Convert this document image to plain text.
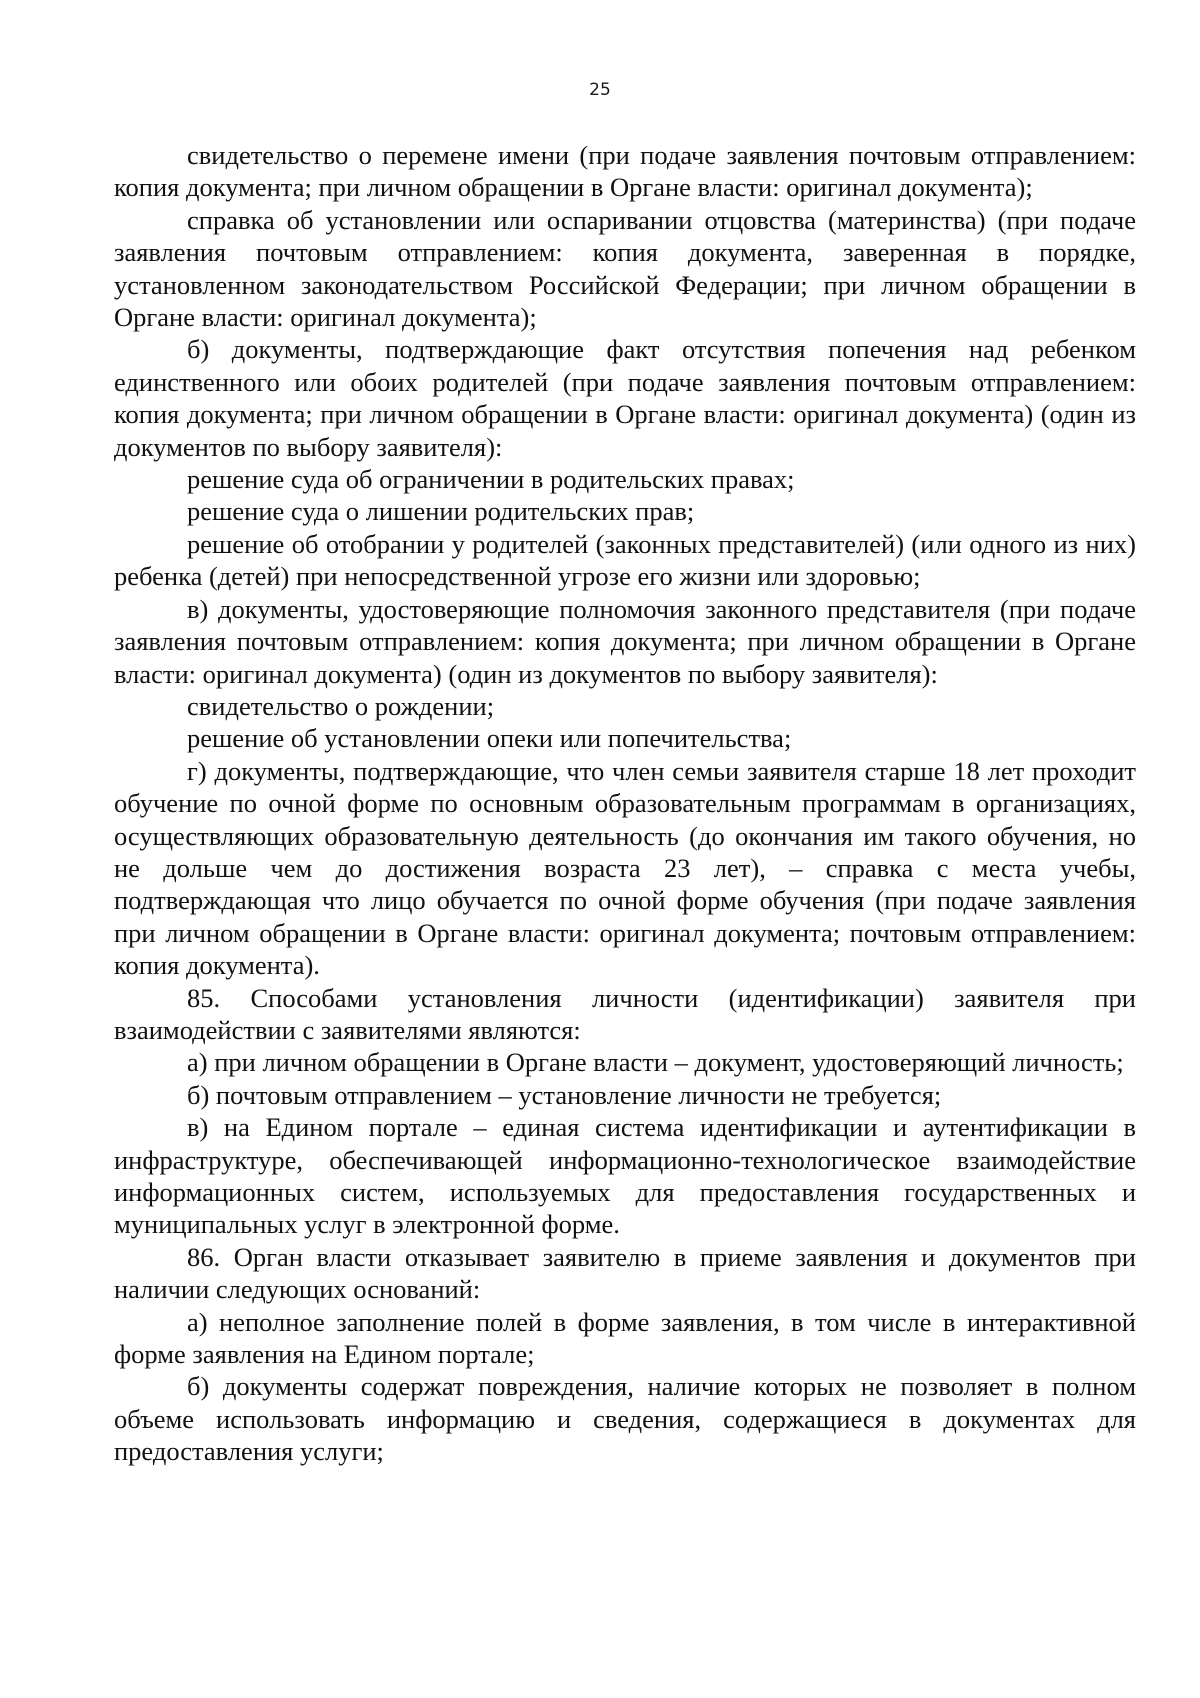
25

свидетельство о перемене имени (при подаче заявления почтовым отправлением: копия документа; при личном обращении в Органе власти: оригинал документа);

справка об установлении или оспаривании отцовства (материнства) (при подаче заявления почтовым отправлением: копия документа, заверенная в порядке, установленном законодательством Российской Федерации; при личном обращении в Органе власти: оригинал документа);

б) документы, подтверждающие факт отсутствия попечения над ребенком единственного или обоих родителей (при подаче заявления почтовым отправлением: копия документа; при личном обращении в Органе власти: оригинал документа) (один из документов по выбору заявителя):

решение суда об ограничении в родительских правах;

решение суда о лишении родительских прав;

решение об отобрании у родителей (законных представителей) (или одного из них) ребенка (детей) при непосредственной угрозе его жизни или здоровью;

в) документы, удостоверяющие полномочия законного представителя (при подаче заявления почтовым отправлением: копия документа; при личном обращении в Органе власти: оригинал документа) (один из документов по выбору заявителя):

свидетельство о рождении;

решение об установлении опеки или попечительства;

г) документы, подтверждающие, что член семьи заявителя старше 18 лет проходит обучение по очной форме по основным образовательным программам в организациях, осуществляющих образовательную деятельность (до окончания им такого обучения, но не дольше чем до достижения возраста 23 лет), – справка с места учебы, подтверждающая что лицо обучается по очной форме обучения (при подаче заявления при личном обращении в Органе власти: оригинал документа; почтовым отправлением: копия документа).

85. Способами установления личности (идентификации) заявителя при взаимодействии с заявителями являются:

а) при личном обращении в Органе власти – документ, удостоверяющий личность;

б) почтовым отправлением – установление личности не требуется;

в) на Едином портале – единая система идентификации и аутентификации в инфраструктуре, обеспечивающей информационно-технологическое взаимодействие информационных систем, используемых для предоставления государственных и муниципальных услуг в электронной форме.

86. Орган власти отказывает заявителю в приеме заявления и документов при наличии следующих оснований:

а) неполное заполнение полей в форме заявления, в том числе в интерактивной форме заявления на Едином портале;

б) документы содержат повреждения, наличие которых не позволяет в полном объеме использовать информацию и сведения, содержащиеся в документах для предоставления услуги;
